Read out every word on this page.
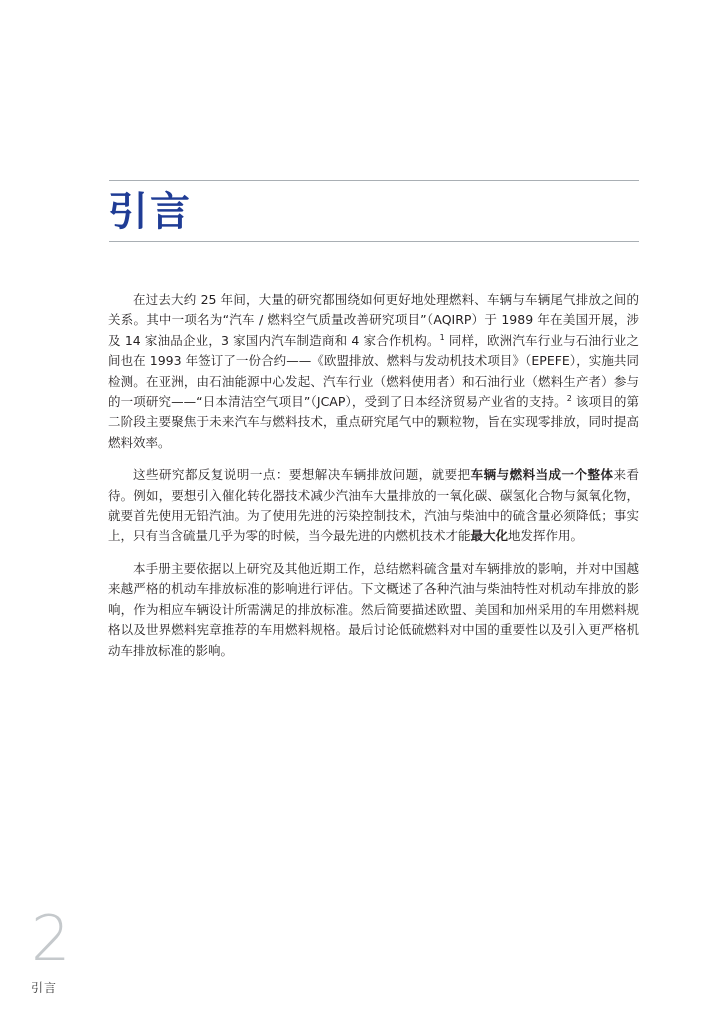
引言

在过去大约 25 年间，大量的研究都围绕如何更好地处理燃料、车辆与车辆尾气排放之间的关系。其中一项名为“汽车 / 燃料空气质量改善研究项目”（AQIRP）于 1989 年在美国开展，涉及 14 家油品企业，3 家国内汽车制造商和 4 家合作机构。$^1$ 同样，欧洲汽车行业与石油行业之间也在 1993 年签订了一份合约——《欧盟排放、燃料与发动机技术项目》（EPEFE），实施共同检测。在亚洲，由石油能源中心发起、汽车行业（燃料使用者）和石油行业（燃料生产者）参与的一项研究——“日本清洁空气项目”（JCAP），受到了日本经济贸易产业省的支持。$^2$ 该项目的第二阶段主要聚焦于未来汽车与燃料技术，重点研究尾气中的颗粒物，旨在实现零排放，同时提高燃料效率。

这些研究都反复说明一点：要想解决车辆排放问题，就要把车辆与燃料当成一个整体来看待。例如，要想引入催化转化器技术减少汽油车大量排放的一氧化碳、碳氢化合物与氮氧化物，就要首先使用无铅汽油。为了使用先进的污染控制技术，汽油与柴油中的硫含量必须降低；事实上，只有当含硫量几乎为零的时候，当今最先进的内燃机技术才能最大化地发挥作用。

本手册主要依据以上研究及其他近期工作，总结燃料硫含量对车辆排放的影响，并对中国越来越严格的机动车排放标准的影响进行评估。下文概述了各种汽油与柴油特性对机动车排放的影响，作为相应车辆设计所需满足的排放标准。然后简要描述欧盟、美国和加州采用的车用燃料规格以及世界燃料宪章推荐的车用燃料规格。最后讨论低硫燃料对中国的重要性以及引入更严格机动车排放标准的影响。

2
引言
